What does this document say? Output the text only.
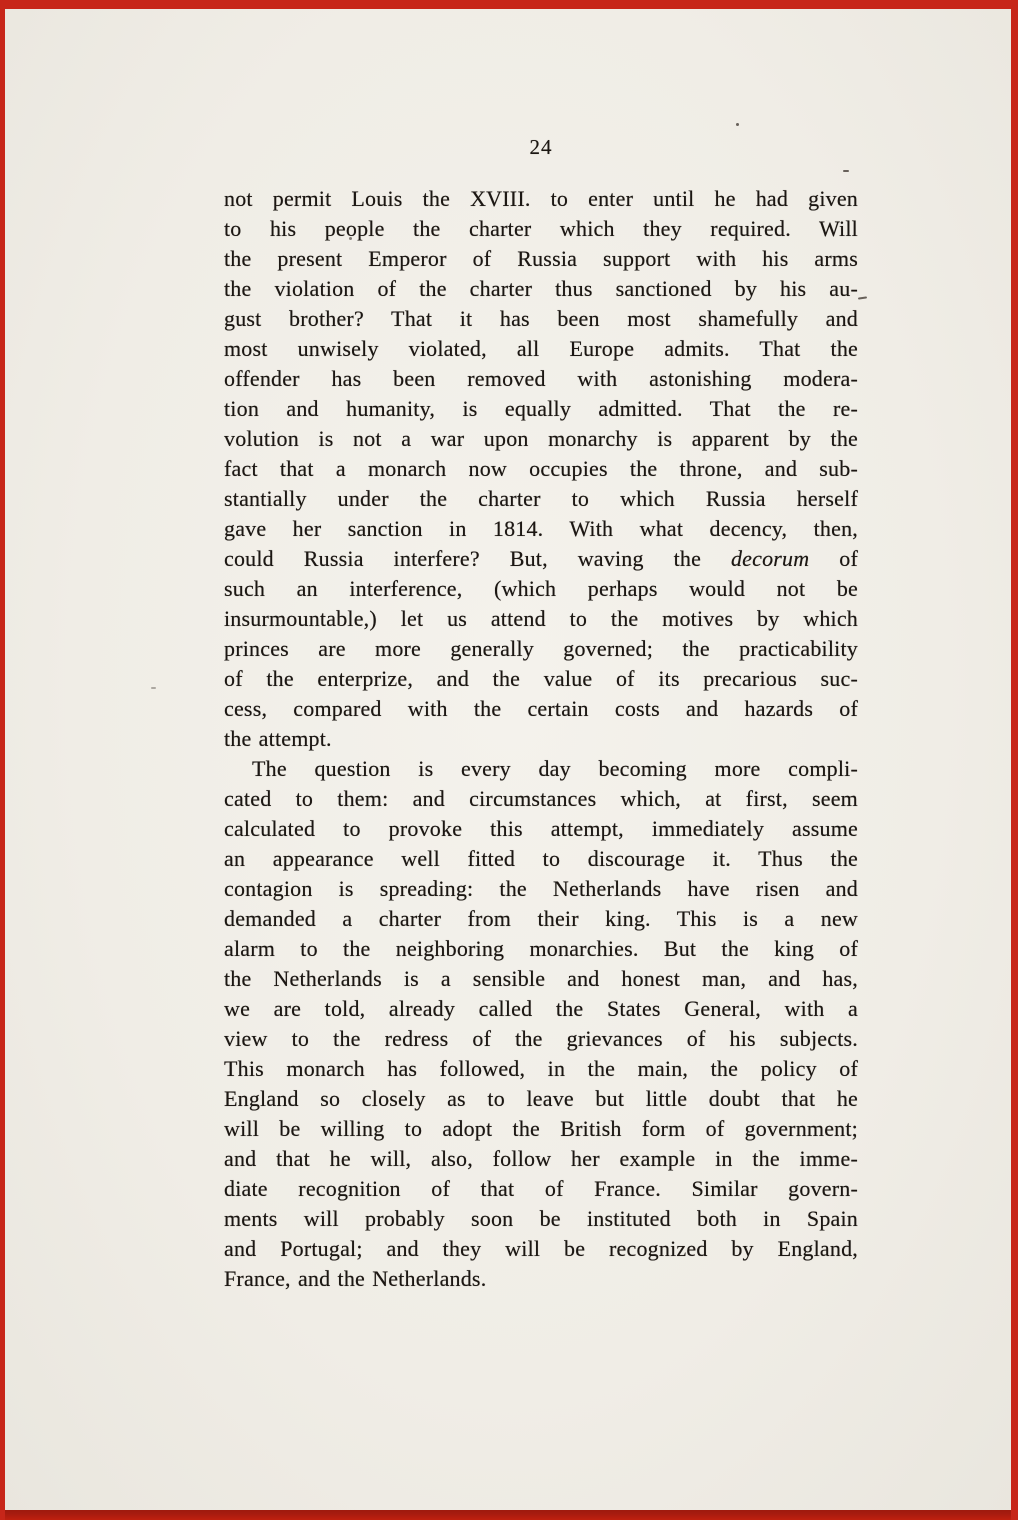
24
not permit Louis the XVIII. to enter until he had given
to his people the charter which they required. Will
the present Emperor of Russia support with his arms
the violation of the charter thus sanctioned by his au-
gust brother? That it has been most shamefully and
most unwisely violated, all Europe admits. That the
offender has been removed with astonishing modera-
tion and humanity, is equally admitted. That the re-
volution is not a war upon monarchy is apparent by the
fact that a monarch now occupies the throne, and sub-
stantially under the charter to which Russia herself
gave her sanction in 1814. With what decency, then,
could Russia interfere? But, waving the decorum of
such an interference, (which perhaps would not be
insurmountable,) let us attend to the motives by which
princes are more generally governed; the practicability
of the enterprize, and the value of its precarious suc-
cess, compared with the certain costs and hazards of
the attempt.
The question is every day becoming more compli-
cated to them: and circumstances which, at first, seem
calculated to provoke this attempt, immediately assume
an appearance well fitted to discourage it. Thus the
contagion is spreading: the Netherlands have risen and
demanded a charter from their king. This is a new
alarm to the neighboring monarchies. But the king of
the Netherlands is a sensible and honest man, and has,
we are told, already called the States General, with a
view to the redress of the grievances of his subjects.
This monarch has followed, in the main, the policy of
England so closely as to leave but little doubt that he
will be willing to adopt the British form of government;
and that he will, also, follow her example in the imme-
diate recognition of that of France. Similar govern-
ments will probably soon be instituted both in Spain
and Portugal; and they will be recognized by England,
France, and the Netherlands.
